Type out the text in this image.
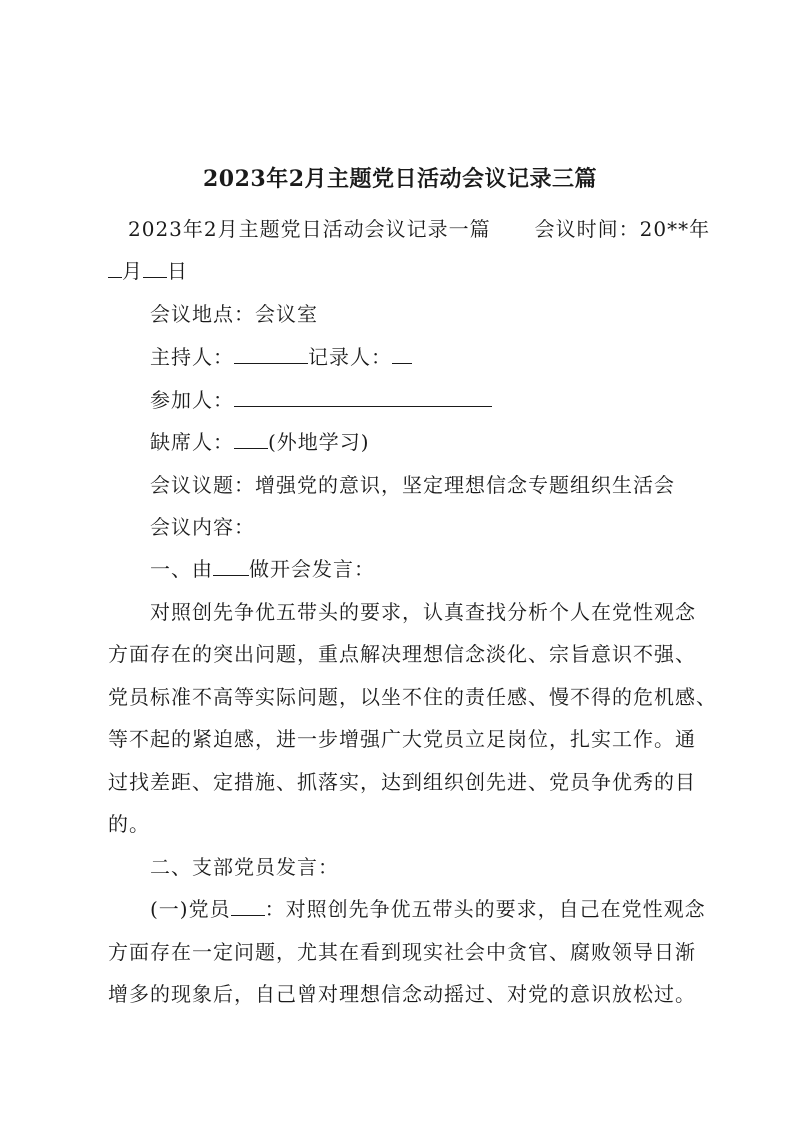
2023年2月主题党日活动会议记录三篇
2023年2月主题党日活动会议记录一篇 会议时间：20**年
月 日
会议地点：会议室
主持人：	记录人：
参加人：
缺席人： (外地学习)
会议议题：增强党的意识，坚定理想信念专题组织生活会
会议内容：
一、由 做开会发言：
对照创先争优五带头的要求，认真查找分析个人在党性观念
方面存在的突出问题，重点解决理想信念淡化、宗旨意识不强、
党员标准不高等实际问题，以坐不住的责任感、慢不得的危机感、
等不起的紧迫感，进一步增强广大党员立足岗位，扎实工作。通
过找差距、定措施、抓落实，达到组织创先进、党员争优秀的目
的。
二、支部党员发言：
(一)党员 ：对照创先争优五带头的要求，自己在党性观念
方面存在一定问题，尤其在看到现实社会中贪官、腐败领导日渐
增多的现象后，自己曾对理想信念动摇过、对党的意识放松过。
